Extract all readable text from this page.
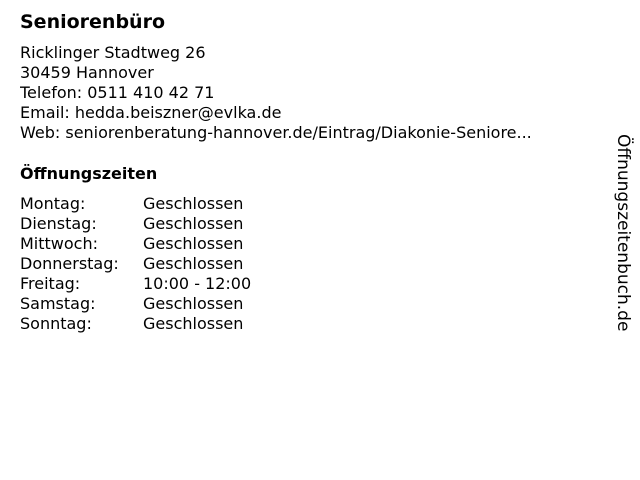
Seniorenbüro
Ricklinger Stadtweg 26
30459 Hannover
Telefon: 0511 410 42 71
Email: hedda.beiszner@evlka.de
Web: seniorenberatung-hannover.de/Eintrag/Diakonie-Seniore...
Öffnungszeiten
Montag:	Geschlossen
Dienstag:	Geschlossen
Mittwoch:	Geschlossen
Donnerstag: Geschlossen
Freitag:	10:00 - 12:00
Samstag:	Geschlossen
Sonntag:	Geschlossen	Öffnungszeitenbuch.de
